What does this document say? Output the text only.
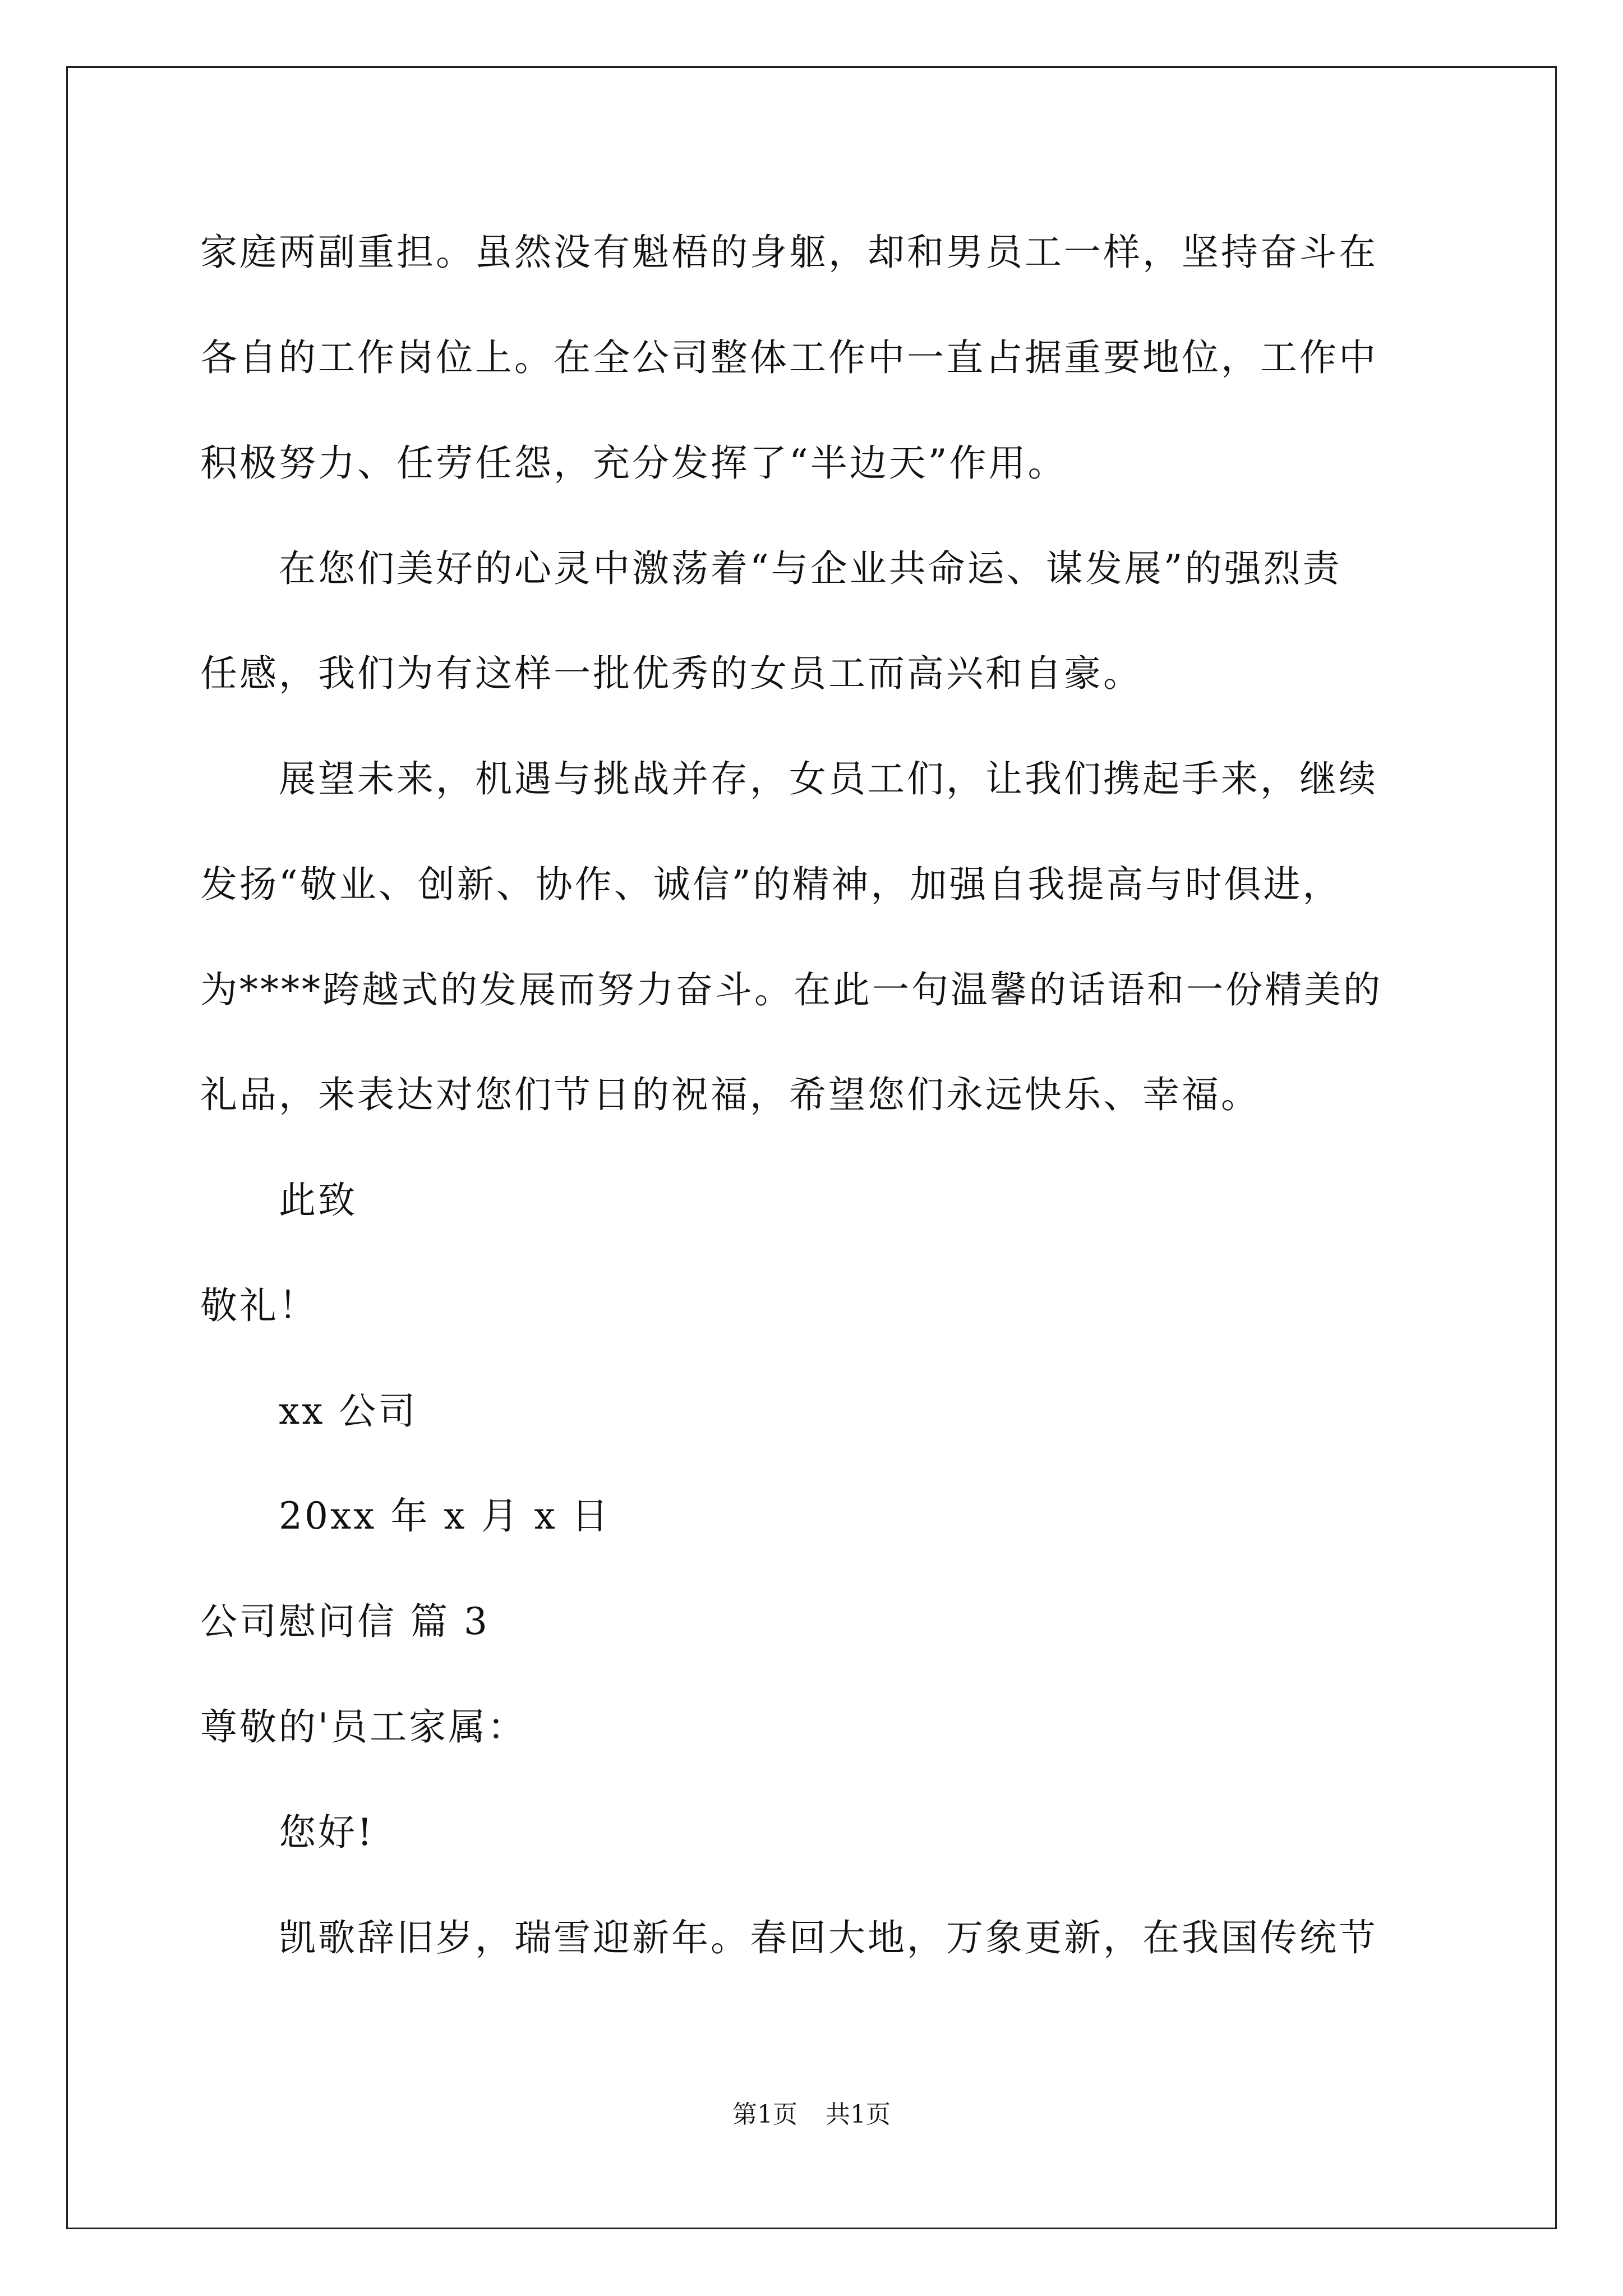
家庭两副重担。虽然没有魁梧的身躯，却和男员工一样，坚持奋斗在
各自的工作岗位上。在全公司整体工作中一直占据重要地位，工作中
积极努力、任劳任怨，充分发挥了“半边天”作用。
在您们美好的心灵中激荡着“与企业共命运、谋发展”的强烈责
任感，我们为有这样一批优秀的女员工而高兴和自豪。
展望未来，机遇与挑战并存，女员工们，让我们携起手来，继续
发扬“敬业、创新、协作、诚信”的精神，加强自我提高与时俱进，
为****跨越式的发展而努力奋斗。在此一句温馨的话语和一份精美的
礼品，来表达对您们节日的祝福，希望您们永远快乐、幸福。
此致
敬礼！
xx 公司
20xx 年 x 月 x 日
公司慰问信 篇 3
尊敬的'员工家属：
您好!
凯歌辞旧岁，瑞雪迎新年。春回大地，万象更新，在我国传统节
第1页 共1页
